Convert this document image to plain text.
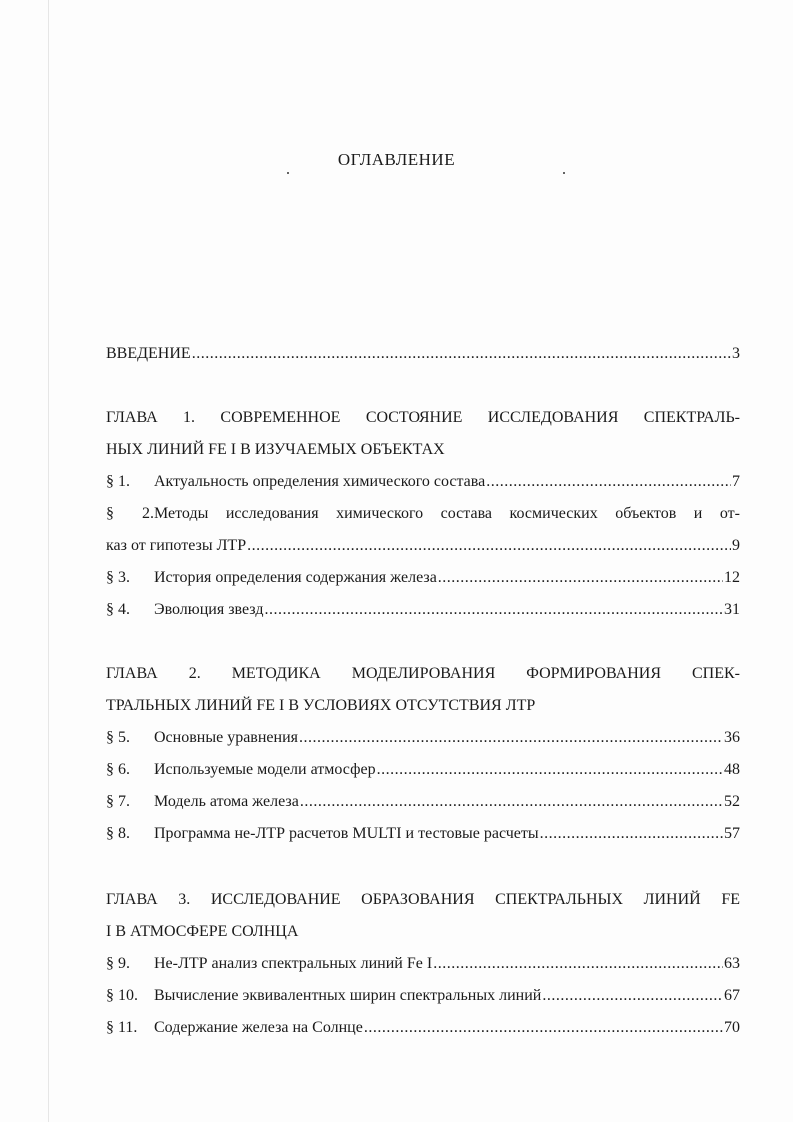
ОГЛАВЛЕНИЕ
ВВЕДЕНИЕ .....	3
ГЛАВА 1. СОВРЕМЕННОЕ СОСТОЯНИЕ ИССЛЕДОВАНИЯ СПЕКТРАЛЬ-
НЫХ ЛИНИЙ FE I В ИЗУЧАЕМЫХ ОБЪЕКТАХ
§ 1.	Актуальность определения химического состава .....	7
§ 2. Методы исследования химического состава космических объектов и от-
каз от гипотезы ЛТР .....	9
§ 3.	История определения содержания железа .....	12
§ 4.	Эволюция звезд .....	31
ГЛАВА 2. МЕТОДИКА МОДЕЛИРОВАНИЯ ФОРМИРОВАНИЯ СПЕК-
ТРАЛЬНЫХ ЛИНИЙ FE I В УСЛОВИЯХ ОТСУТСТВИЯ ЛТР
§ 5.	Основные уравнения .....	36
§ 6.	Используемые модели атмосфер .....	48
§ 7.	Модель атома железа .....	52
§ 8.	Программа не-ЛТР расчетов MULTI и тестовые расчеты .....	57
ГЛАВА 3. ИССЛЕДОВАНИЕ ОБРАЗОВАНИЯ СПЕКТРАЛЬНЫХ ЛИНИЙ FE
I В АТМОСФЕРЕ СОЛНЦА
§ 9.	Не-ЛТР анализ спектральных линий Fe I .....	63
§ 10.	Вычисление эквивалентных ширин спектральных линий .....	67
§ 11.	Содержание железа на Солнце .....	70
